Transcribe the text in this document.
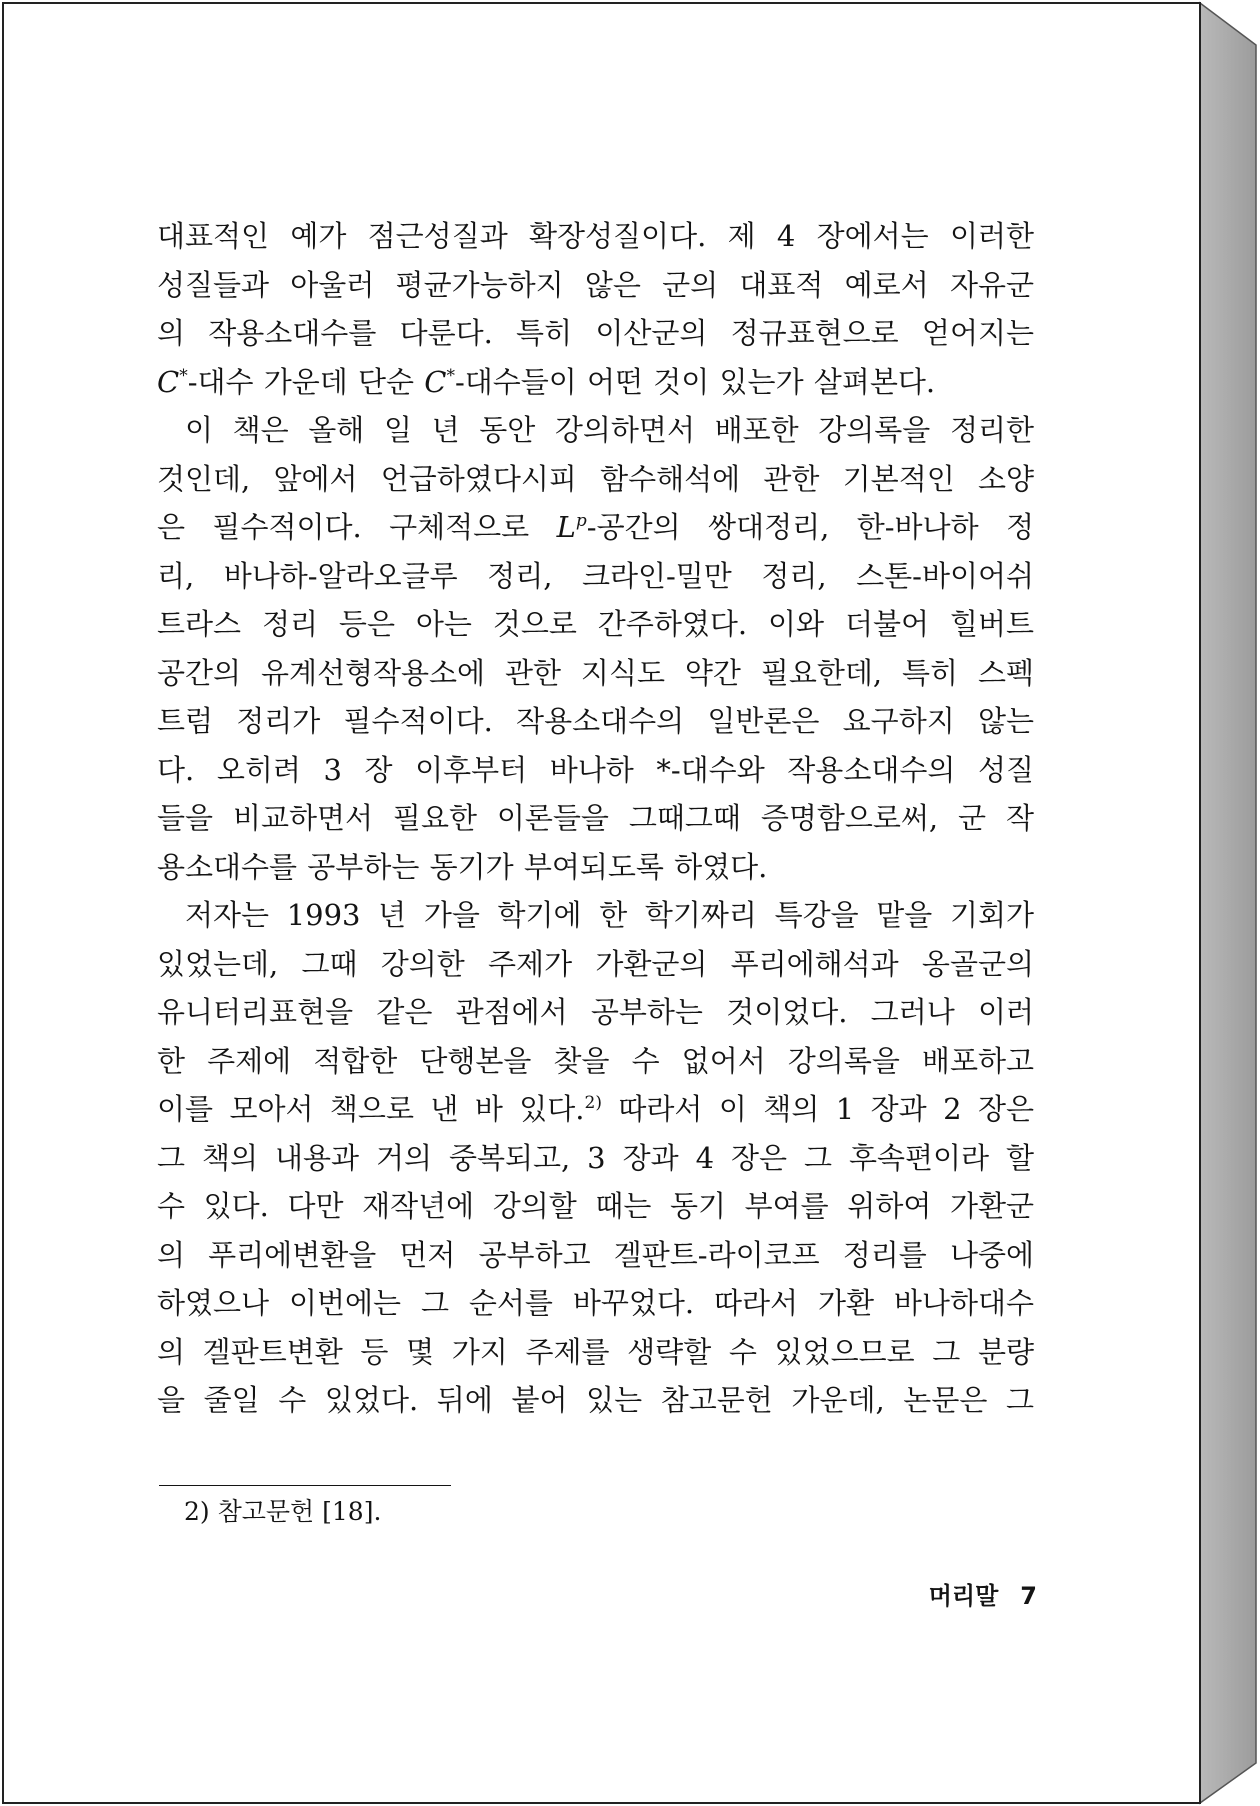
대표적인 예가 점근성질과 확장성질이다. 제 4 장에서는 이러한
성질들과 아울러 평균가능하지 않은 군의 대표적 예로서 자유군
의 작용소대수를 다룬다. 특히 이산군의 정규표현으로 얻어지는
C*-대수 가운데 단순 C*-대수들이 어떤 것이 있는가 살펴본다.
이 책은 올해 일 년 동안 강의하면서 배포한 강의록을 정리한
것인데, 앞에서 언급하였다시피 함수해석에 관한 기본적인 소양
은 필수적이다. 구체적으로 $L^p-$공간의 쌍대정리, 한-바나하 정
리, 바나하-알라오글루 정리, 크라인-밀만 정리, 스톤-바이어쉬
트라스 정리 등은 아는 것으로 간주하였다. 이와 더불어 힐버트
공간의 유계선형작용소에 관한 지식도 약간 필요한데, 특히 스펙
트럼 정리가 필수적이다. 작용소대수의 일반론은 요구하지 않는
다. 오히려 3 장 이후부터 바나하 *-대수와 작용소대수의 성질
들을 비교하면서 필요한 이론들을 그때그때 증명함으로써, 군 작
용소대수를 공부하는 동기가 부여되도록 하였다.
저자는 1993 년 가을 학기에 한 학기짜리 특강을 맡을 기회가
있었는데, 그때 강의한 주제가 가환군의 푸리에해석과 옹골군의
유니터리표현을 같은 관점에서 공부하는 것이었다. 그러나 이러
한 주제에 적합한 단행본을 찾을 수 없어서 강의록을 배포하고
이를 모아서 책으로 낸 바 있다.$^{2)}$ 따라서 이 책의 1 장과 2 장은
그 책의 내용과 거의 중복되고, 3 장과 4 장은 그 후속편이라 할
수 있다. 다만 재작년에 강의할 때는 동기 부여를 위하여 가환군
의 푸리에변환을 먼저 공부하고 겔판트-라이코프 정리를 나중에
하였으나 이번에는 그 순서를 바꾸었다. 따라서 가환 바나하대수
의 겔판트변환 등 몇 가지 주제를 생략할 수 있었으므로 그 분량
을 줄일 수 있었다. 뒤에 붙어 있는 참고문헌 가운데, 논문은 그
2) 참고문헌 [18].
머리말 7
